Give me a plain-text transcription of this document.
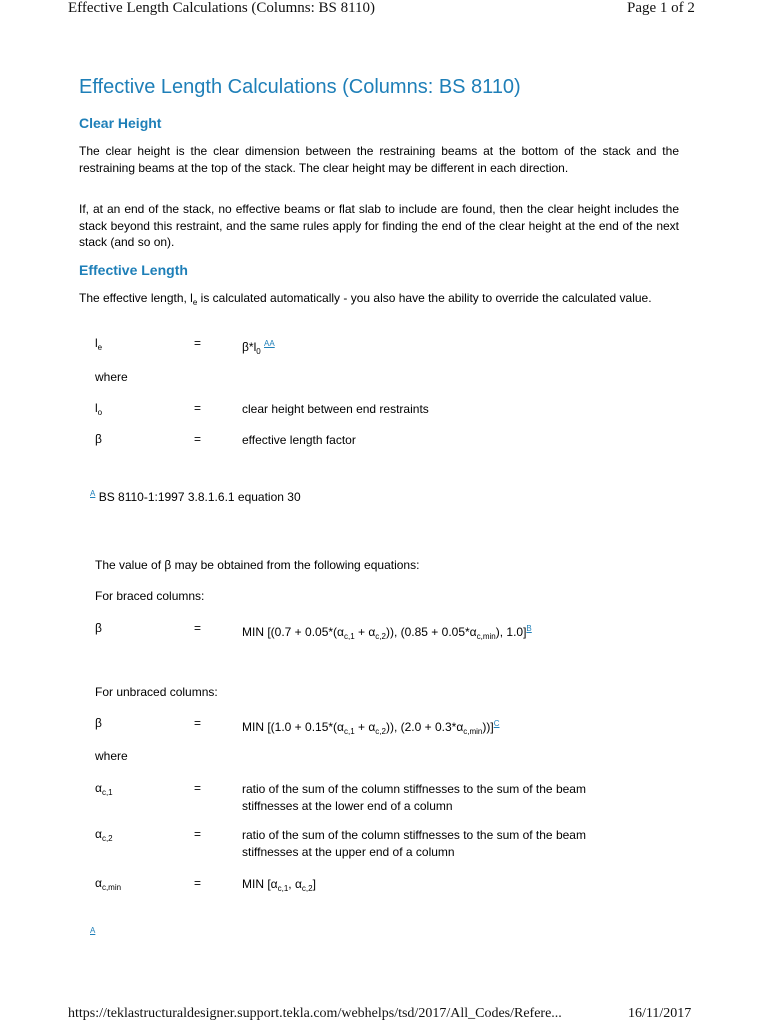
Effective Length Calculations (Columns: BS 8110)	Page 1 of 2
Effective Length Calculations (Columns: BS 8110)
Clear Height
The clear height is the clear dimension between the restraining beams at the bottom of the stack and the restraining beams at the top of the stack. The clear height may be different in each direction.
If, at an end of the stack, no effective beams or flat slab to include are found, then the clear height includes the stack beyond this restraint, and the same rules apply for finding the end of the clear height at the end of the next stack (and so on).
Effective Length
The effective length, $l_e$ is calculated automatically - you also have the ability to override the calculated value.
$l_e$	=	$\beta*l_0$ $^{AA}$
where
$l_o$	=	clear height between end restraints
β	=	effective length factor
$^A$ BS 8110-1:1997 3.8.1.6.1 equation 30
The value of β may be obtained from the following equations:
For braced columns:
β	=	MIN [$(0.7 + 0.05*(\alpha_{c,1} + \alpha_{c,2}))$, $(0.85 + 0.05*\alpha_{c,min})$, 1.0]$^B$
For unbraced columns:
β	=	MIN [$(1.0 + 0.15*(\alpha_{c,1} + \alpha_{c,2}))$, $(2.0 + 0.3*\alpha_{c,min}))]^C$
where
$\alpha_{c,1}$	=	ratio of the sum of the column stiffnesses to the sum of the beam stiffnesses at the lower end of a column
$\alpha_{c,2}$	=	ratio of the sum of the column stiffnesses to the sum of the beam stiffnesses at the upper end of a column
$\alpha_{c,min}$	=	MIN [$\alpha_{c,1}$, $\alpha_{c,2}$]
$^A$
https://teklastructuraldesigner.support.tekla.com/webhelps/tsd/2017/All_Codes/Refere...	16/11/2017
